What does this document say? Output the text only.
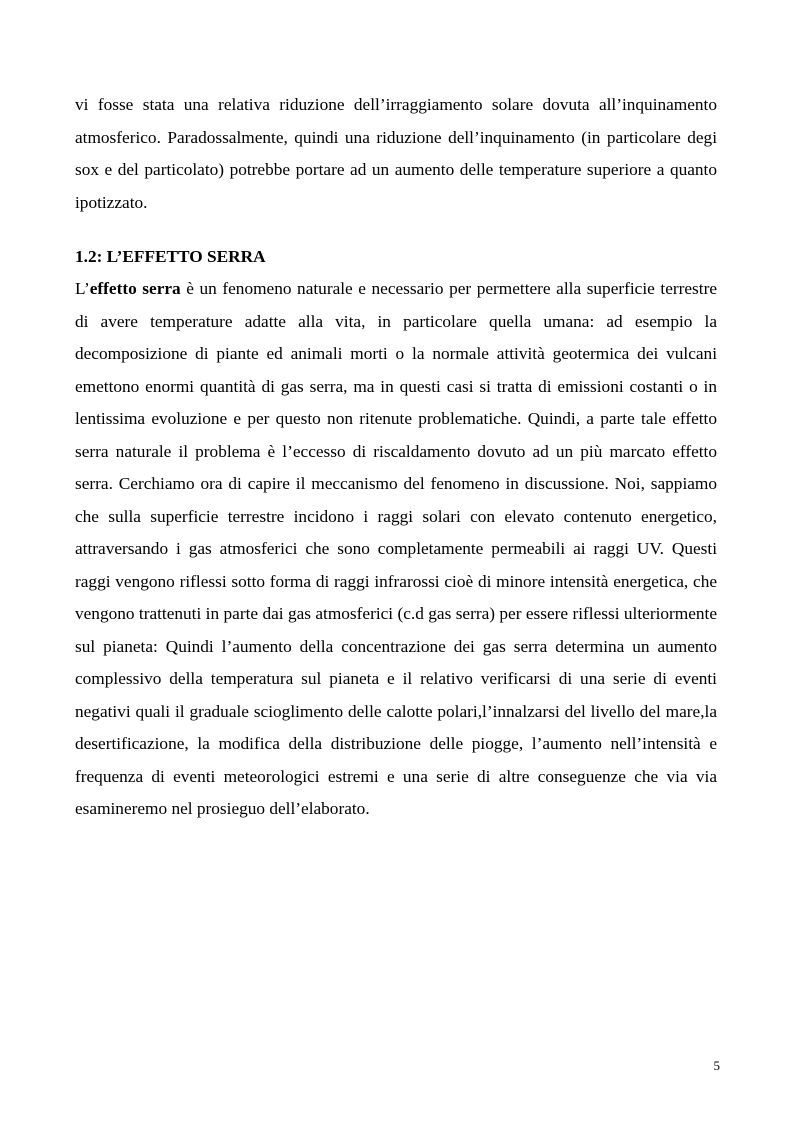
vi fosse stata una relativa riduzione dell’irraggiamento solare dovuta all’inquinamento atmosferico. Paradossalmente, quindi una riduzione dell’inquinamento (in particolare degi sox e del particolato) potrebbe portare ad un aumento delle temperature superiore a quanto ipotizzato.

1.2: L’EFFETTO SERRA

L’effetto serra è un fenomeno naturale e necessario per permettere alla superficie terrestre di avere temperature adatte alla vita, in particolare quella umana: ad esempio la decomposizione di piante ed animali morti o la normale attività geotermica dei vulcani emettono enormi quantità di gas serra, ma in questi casi si tratta di emissioni costanti o in lentissima evoluzione e per questo non ritenute problematiche. Quindi, a parte tale effetto serra naturale il problema è l’eccesso di riscaldamento dovuto ad un più marcato effetto serra. Cerchiamo ora di capire il meccanismo del fenomeno in discussione. Noi, sappiamo che sulla superficie terrestre incidono i raggi solari con elevato contenuto energetico, attraversando i gas atmosferici che sono completamente permeabili ai raggi UV. Questi raggi vengono riflessi sotto forma di raggi infrarossi cioè di minore intensità energetica, che vengono trattenuti in parte dai gas atmosferici (c.d gas serra) per essere riflessi ulteriormente sul pianeta: Quindi l’aumento della concentrazione dei gas serra determina un aumento complessivo della temperatura sul pianeta e il relativo verificarsi di una serie di eventi negativi quali il graduale scioglimento delle calotte polari,l’innalzarsi del livello del mare,la desertificazione, la modifica della distribuzione delle piogge, l’aumento nell’intensità e frequenza di eventi meteorologici estremi e una serie di altre conseguenze che via via esamineremo nel prosieguo dell’elaborato.

5
